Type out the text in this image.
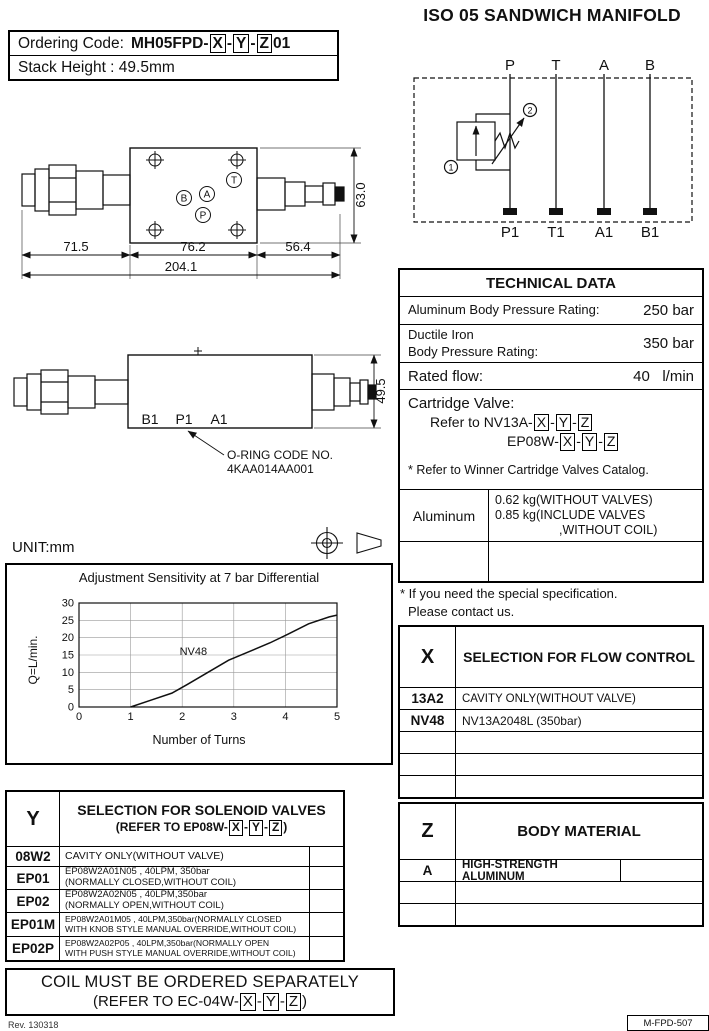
Ordering Code: MH05FPD- X - Y - Z 01
Stack Height : 49.5mm
ISO 05 SANDWICH MANIFOLD
P T	A B
2
1
P1 T1 A1 B1
B A
T
P
71.5	76.2	56.4
204.1
63.0
B1 P1 A1
49.5
O-RING CODE NO.
4KAA014AA001
UNIT:mm
TECHNICAL DATA
Aluminum Body Pressure Rating:	250 bar
Ductile Iron
Body Pressure Rating:	350 bar
Rated flow:	40 l/min
Cartridge Valve:
Refer to NV13A- X - Y - Z
EP08W- X - Y - Z
* Refer to Winner Cartridge Valves Catalog.
Aluminum
0.62 kg(WITHOUT VALVES)
0.85 kg(INCLUDE VALVES
,WITHOUT COIL)
* If you need the special specification.
Please contact us.
Adjustment Sensitivity at 7 bar Differential
Q=L/min.
0
5
10
15
20
25
30
0	1	2	3	4	5
NV48
Number of Turns
X	SELECTION FOR FLOW CONTROL
13A2	CAVITY ONLY(WITHOUT VALVE)
NV48	NV13A2048L (350bar)
Z	BODY MATERIAL
A	HIGH-STRENGTH ALUMINUM
Y	SELECTION FOR SOLENOID VALVES
(REFER TO EP08W- X - Y - Z )
08W2	CAVITY ONLY(WITHOUT VALVE)
EP01	EP08W2A01N05 , 40LPM, 350bar
(NORMALLY CLOSED,WITHOUT COIL)
EP02	EP08W2A02N05 , 40LPM,350bar
(NORMALLY OPEN,WITHOUT COIL)
EP01M	EP08W2A01M05 , 40LPM,350bar(NORMALLY CLOSED
WITH KNOB STYLE MANUAL OVERRIDE,WITHOUT COIL)
EP02P	EP08W2A02P05 , 40LPM,350bar(NORMALLY OPEN
WITH PUSH STYLE MANUAL OVERRIDE,WITHOUT COIL)
COIL MUST BE ORDERED SEPARATELY
(REFER TO EC-04W- X - Y - Z )
Rev. 130318	M-FPD-507
